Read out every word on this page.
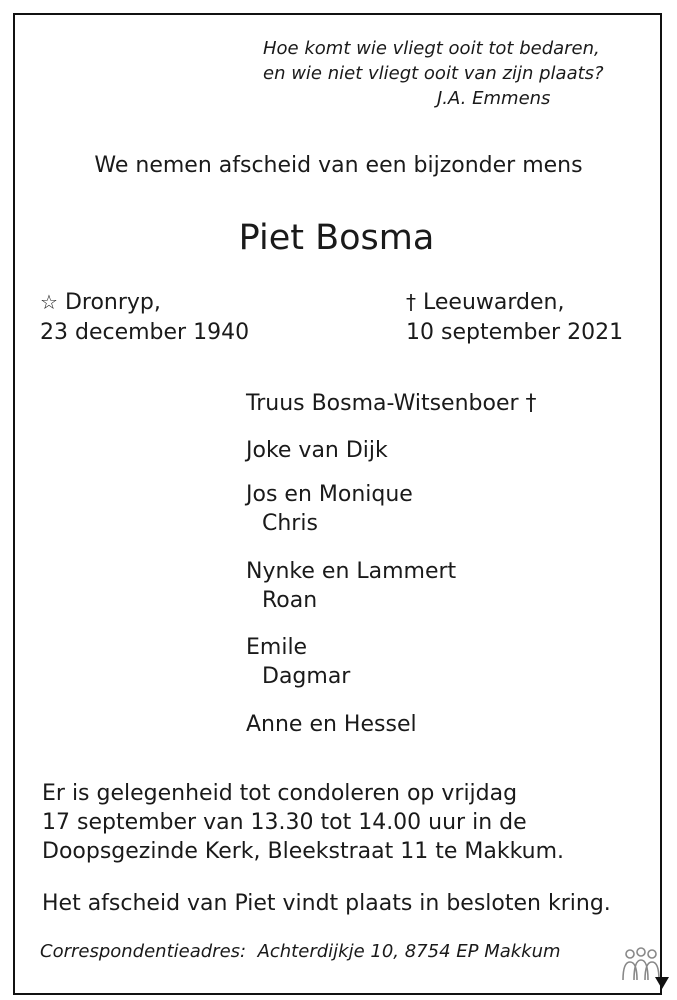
Hoe komt wie vliegt ooit tot bedaren,
en wie niet vliegt ooit van zijn plaats?
J.A. Emmens
We nemen afscheid van een bijzonder mens
Piet Bosma
☆ Dronryp,
23 december 1940
† Leeuwarden,
10 september 2021
Truus Bosma-Witsenboer †
Joke van Dijk
Jos en Monique
Chris
Nynke en Lammert
Roan
Emile
Dagmar
Anne en Hessel
Er is gelegenheid tot condoleren op vrijdag
17 september van 13.30 tot 14.00 uur in de
Doopsgezinde Kerk, Bleekstraat 11 te Makkum.
Het afscheid van Piet vindt plaats in besloten kring.
Correspondentieadres: Achterdijkje 10, 8754 EP Makkum
